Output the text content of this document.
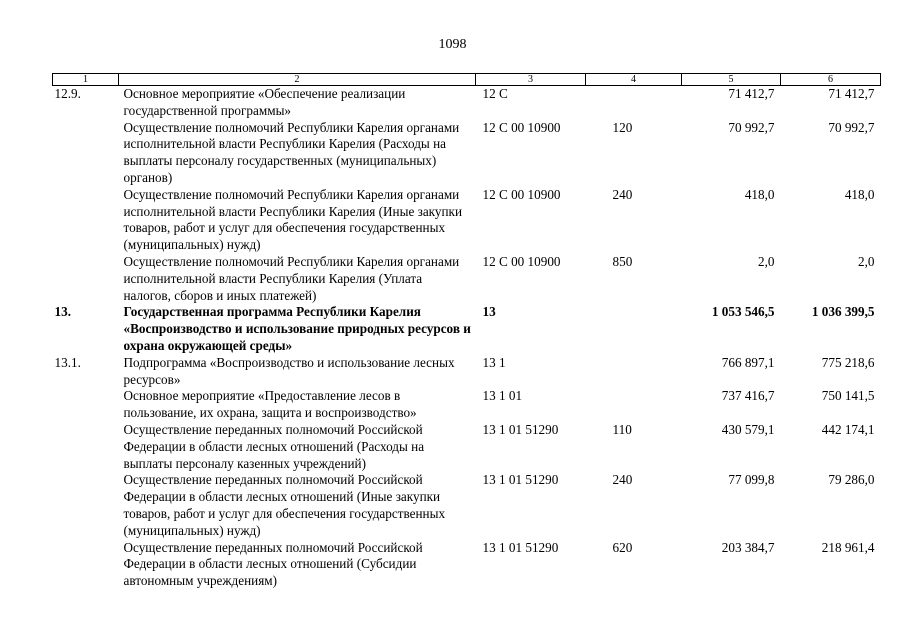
1098
1	2	3	4	5	6
12.9.	Основное мероприятие «Обеспечение реализации государственной программы»	12 С		71 412,7	71 412,7
	Осуществление полномочий Республики Карелия органами исполнительной власти Республики Карелия (Расходы на выплаты персоналу государственных (муниципальных) органов)	12 С 00 10900	120	70 992,7	70 992,7
	Осуществление полномочий Республики Карелия органами исполнительной власти Республики Карелия (Иные закупки товаров, работ и услуг для обеспечения государственных (муниципальных) нужд)	12 С 00 10900	240	418,0	418,0
	Осуществление полномочий Республики Карелия органами исполнительной власти Республики Карелия (Уплата налогов, сборов и иных платежей)	12 С 00 10900	850	2,0	2,0
13.	Государственная программа Республики Карелия «Воспроизводство и использование природных ресурсов и охрана окружающей среды»	13		1 053 546,5	1 036 399,5
13.1.	Подпрограмма «Воспроизводство и использование лесных ресурсов»	13 1		766 897,1	775 218,6
	Основное мероприятие «Предоставление лесов в пользование, их охрана, защита и воспроизводство»	13 1 01		737 416,7	750 141,5
	Осуществление переданных полномочий Российской Федерации в области лесных отношений (Расходы на выплаты персоналу казенных учреждений)	13 1 01 51290	110	430 579,1	442 174,1
	Осуществление переданных полномочий Российской Федерации в области лесных отношений (Иные закупки товаров, работ и услуг для обеспечения государственных (муниципальных) нужд)	13 1 01 51290	240	77 099,8	79 286,0
	Осуществление переданных полномочий Российской Федерации в области лесных отношений (Субсидии автономным учреждениям)	13 1 01 51290	620	203 384,7	218 961,4
